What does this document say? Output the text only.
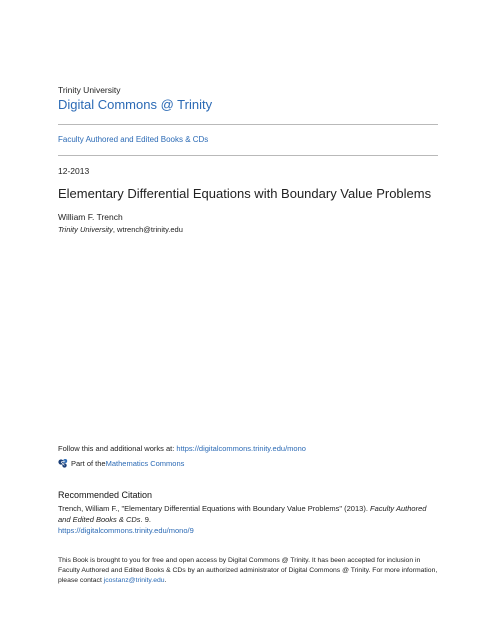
Trinity University
Digital Commons @ Trinity
Faculty Authored and Edited Books & CDs
12-2013
Elementary Differential Equations with Boundary Value Problems
William F. Trench
Trinity University, wtrench@trinity.edu
Follow this and additional works at: https://digitalcommons.trinity.edu/mono
Part of the Mathematics Commons
Recommended Citation
Trench, William F., "Elementary Differential Equations with Boundary Value Problems" (2013). Faculty Authored and Edited Books & CDs. 9.
https://digitalcommons.trinity.edu/mono/9
This Book is brought to you for free and open access by Digital Commons @ Trinity. It has been accepted for inclusion in Faculty Authored and Edited Books & CDs by an authorized administrator of Digital Commons @ Trinity. For more information, please contact jcostanz@trinity.edu.
